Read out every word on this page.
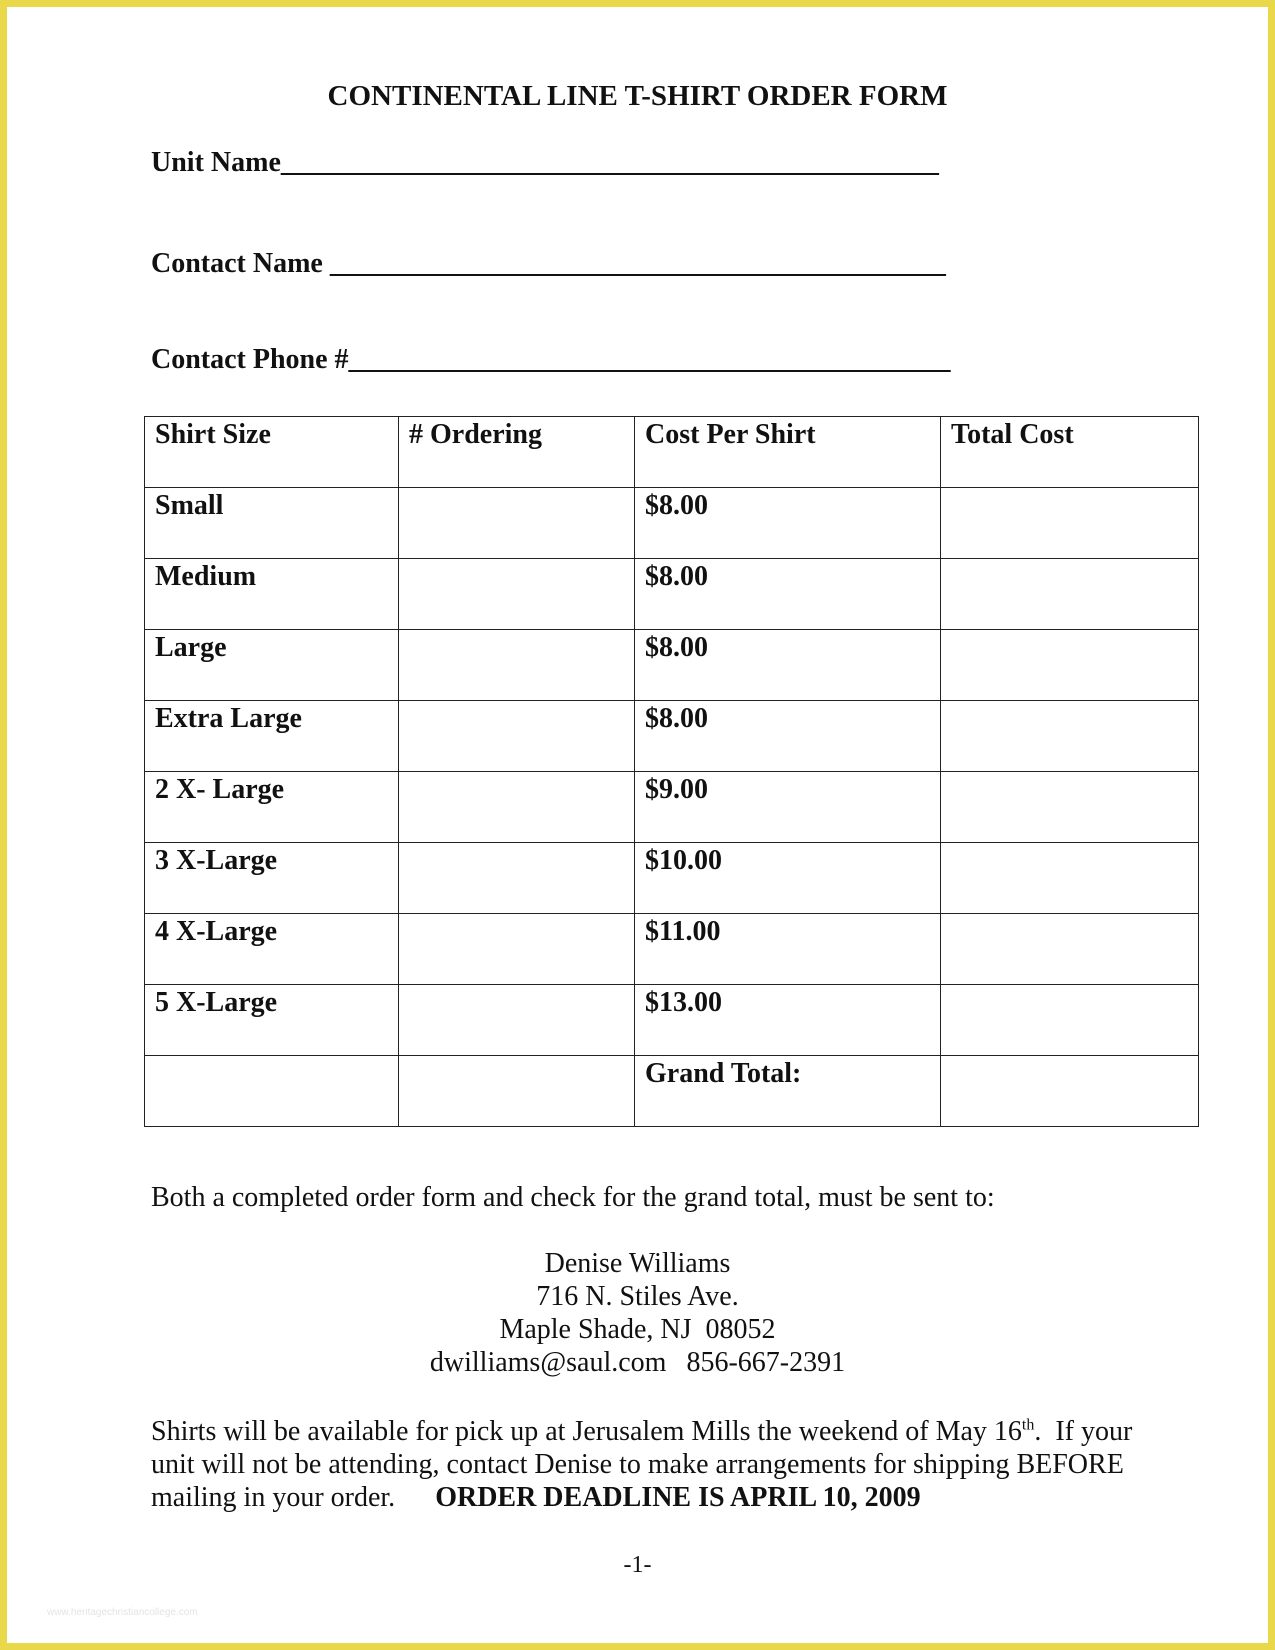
CONTINENTAL LINE T-SHIRT ORDER FORM
Unit Name_______________________________________________
Contact Name ____________________________________________
Contact Phone #___________________________________________
Shirt Size	# Ordering	Cost Per Shirt	Total Cost
Small		$8.00	
Medium		$8.00	
Large		$8.00	
Extra Large		$8.00	
2 X- Large		$9.00	
3 X-Large		$10.00	
4 X-Large		$11.00	
5 X-Large		$13.00	
		Grand Total:	
Both a completed order form and check for the grand total, must be sent to:
Denise Williams
716 N. Stiles Ave.
Maple Shade, NJ  08052
dwilliams@saul.com 856-667-2391
Shirts will be available for pick up at Jerusalem Mills the weekend of May 16th.  If your unit will not be attending, contact Denise to make arrangements for shipping BEFORE mailing in your order. ORDER DEADLINE IS APRIL 10, 2009
-1-
www.heritagechristiancollege.com
